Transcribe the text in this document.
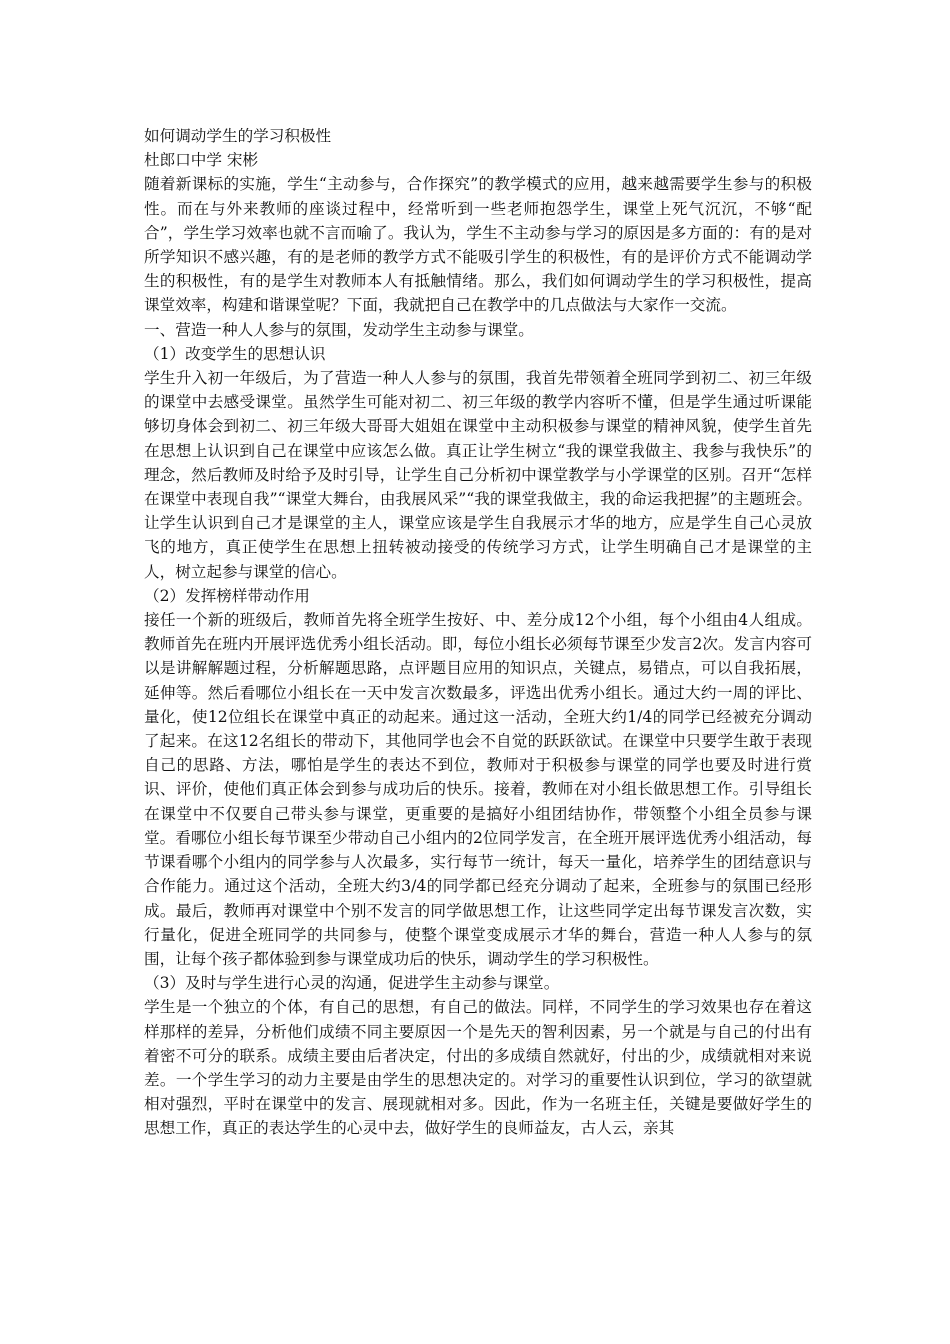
如何调动学生的学习积极性

杜郎口中学 宋彬

随着新课标的实施，学生“主动参与，合作探究”的教学模式的应用，越来越需要学生参与的积极性。而在与外来教师的座谈过程中，经常听到一些老师抱怨学生，课堂上死气沉沉，不够“配合”，学生学习效率也就不言而喻了。我认为，学生不主动参与学习的原因是多方面的：有的是对所学知识不感兴趣，有的是老师的教学方式不能吸引学生的积极性，有的是评价方式不能调动学生的积极性，有的是学生对教师本人有抵触情绪。那么，我们如何调动学生的学习积极性，提高课堂效率，构建和谐课堂呢？下面，我就把自己在教学中的几点做法与大家作一交流。

一、营造一种人人参与的氛围，发动学生主动参与课堂。

（1）改变学生的思想认识

学生升入初一年级后，为了营造一种人人参与的氛围，我首先带领着全班同学到初二、初三年级的课堂中去感受课堂。虽然学生可能对初二、初三年级的教学内容听不懂，但是学生通过听课能够切身体会到初二、初三年级大哥哥大姐姐在课堂中主动积极参与课堂的精神风貌，使学生首先在思想上认识到自己在课堂中应该怎么做。真正让学生树立“我的课堂我做主、我参与我快乐”的理念，然后教师及时给予及时引导，让学生自己分析初中课堂教学与小学课堂的区别。召开“怎样在课堂中表现自我”“课堂大舞台，由我展风采”“我的课堂我做主，我的命运我把握”的主题班会。让学生认识到自己才是课堂的主人，课堂应该是学生自我展示才华的地方，应是学生自己心灵放飞的地方，真正使学生在思想上扭转被动接受的传统学习方式，让学生明确自己才是课堂的主人，树立起参与课堂的信心。

（2）发挥榜样带动作用

接任一个新的班级后，教师首先将全班学生按好、中、差分成12个小组，每个小组由4人组成。教师首先在班内开展评选优秀小组长活动。即，每位小组长必须每节课至少发言2次。发言内容可以是讲解解题过程，分析解题思路，点评题目应用的知识点，关键点，易错点，可以自我拓展，延伸等。然后看哪位小组长在一天中发言次数最多，评选出优秀小组长。通过大约一周的评比、量化，使12位组长在课堂中真正的动起来。通过这一活动，全班大约1/4的同学已经被充分调动了起来。在这12名组长的带动下，其他同学也会不自觉的跃跃欲试。在课堂中只要学生敢于表现自己的思路、方法，哪怕是学生的表达不到位，教师对于积极参与课堂的同学也要及时进行赏识、评价，使他们真正体会到参与成功后的快乐。接着，教师在对小组长做思想工作。引导组长在课堂中不仅要自己带头参与课堂，更重要的是搞好小组团结协作，带领整个小组全员参与课堂。看哪位小组长每节课至少带动自己小组内的2位同学发言，在全班开展评选优秀小组活动，每节课看哪个小组内的同学参与人次最多，实行每节一统计，每天一量化，培养学生的团结意识与合作能力。通过这个活动，全班大约3/4的同学都已经充分调动了起来，全班参与的氛围已经形成。最后，教师再对课堂中个别不发言的同学做思想工作，让这些同学定出每节课发言次数，实行量化，促进全班同学的共同参与，使整个课堂变成展示才华的舞台，营造一种人人参与的氛围，让每个孩子都体验到参与课堂成功后的快乐，调动学生的学习积极性。

（3）及时与学生进行心灵的沟通，促进学生主动参与课堂。

学生是一个独立的个体，有自己的思想，有自己的做法。同样，不同学生的学习效果也存在着这样那样的差异，分析他们成绩不同主要原因一个是先天的智利因素，另一个就是与自己的付出有着密不可分的联系。成绩主要由后者决定，付出的多成绩自然就好，付出的少，成绩就相对来说差。一个学生学习的动力主要是由学生的思想决定的。对学习的重要性认识到位，学习的欲望就相对强烈，平时在课堂中的发言、展现就相对多。因此，作为一名班主任，关键是要做好学生的思想工作，真正的表达学生的心灵中去，做好学生的良师益友，古人云，亲其
